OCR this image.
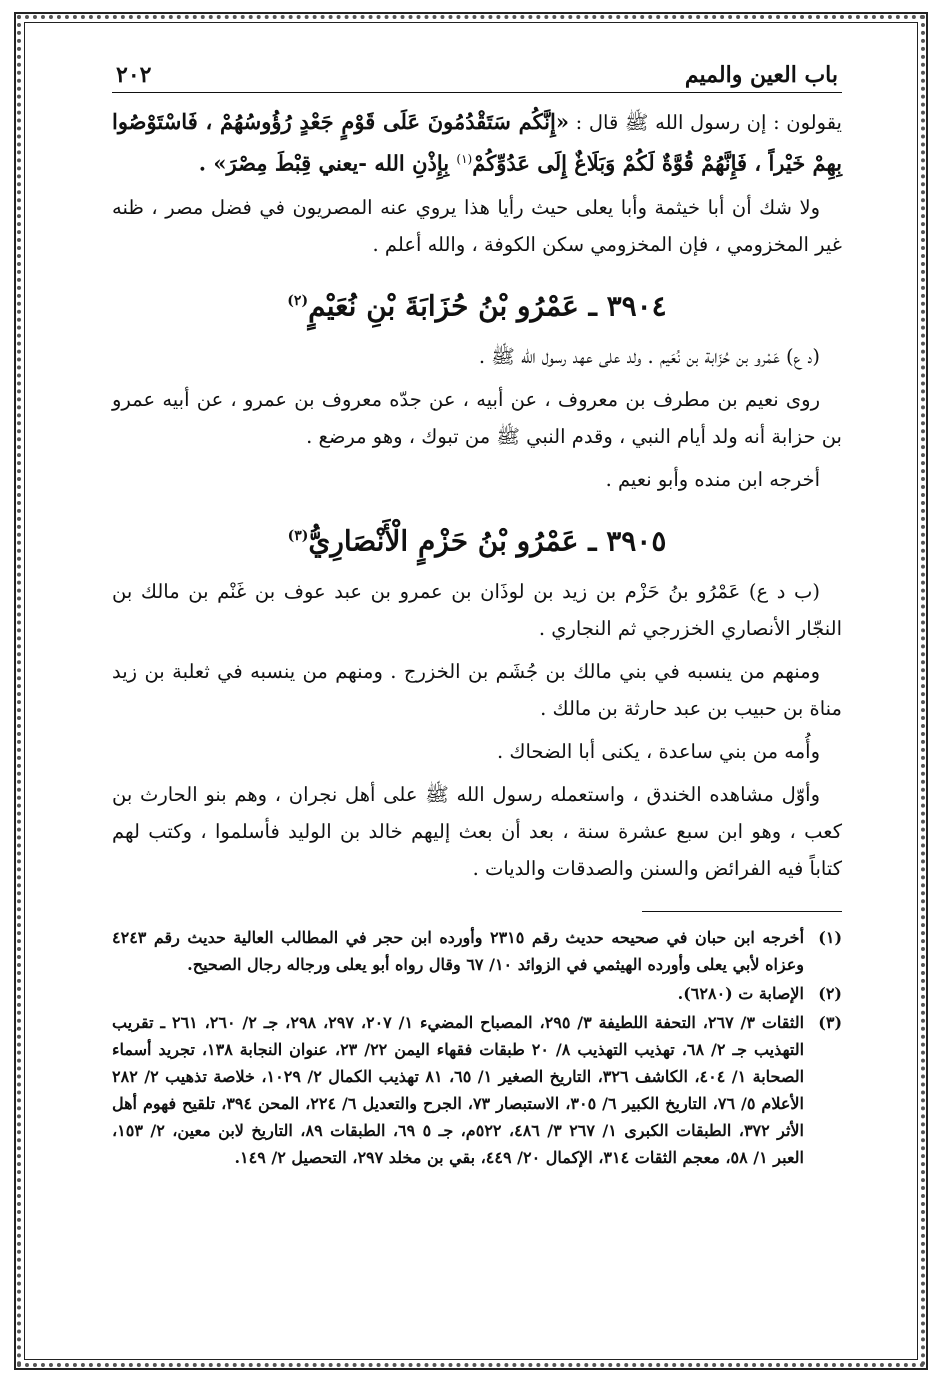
باب العين والميم
٢٠٢

يقولون : إن رسول الله ﷺ قال : «إِنَّكُم سَتَقْدُمُونَ عَلَى قَوْمٍ جَعْدٍ رُؤُوسُهُمْ ، فَاسْتَوْصُوا بِهِمْ خَيْراً ، فَإِنَّهُمْ قُوَّةٌ لَكُمْ وَبَلَاغٌ إِلَى عَدُوِّكُمْ$^{(١)}$ بِإِذْنِ الله -يعني قِبْطَ مِصْرَ» .

ولا شك أن أبا خيثمة وأبا يعلى حيث رأيا هذا يروي عنه المصريون في فضل مصر ، ظنه غير المخزومي ، فإن المخزومي سكن الكوفة ، والله أعلم .

٣٩٠٤ ـ عَمْرُو بْنُ حُزَابَةَ بْنِ نُعَيْمٍ$^{(٢)}$

(د ع) عَمْرو بن حُزَابة بن نُعَيم . ولد على عهد رسول الله ﷺ .

روى نعيم بن مطرف بن معروف ، عن أبيه ، عن جدّه معروف بن عمرو ، عن أبيه عمرو بن حزابة أنه ولد أيام النبي ، وقدم النبي ﷺ من تبوك ، وهو مرضع .

أخرجه ابن منده وأبو نعيم .

٣٩٠٥ ـ عَمْرُو بْنُ حَزْمٍ الْأَنْصَارِيُّ$^{(٣)}$

(ب د ع) عَمْرُو بنُ حَزْم بن زيد بن لوذَان بن عمرو بن عبد عوف بن غَنْم بن مالك بن النجّار الأنصاري الخزرجي ثم النجاري .

ومنهم من ينسبه في بني مالك بن جُشَم بن الخزرج . ومنهم من ينسبه في ثعلبة بن زيد مناة بن حبيب بن عبد حارثة بن مالك .

وأُمه من بني ساعدة ، يكنى أبا الضحاك .

وأوّل مشاهده الخندق ، واستعمله رسول الله ﷺ على أهل نجران ، وهم بنو الحارث بن كعب ، وهو ابن سبع عشرة سنة ، بعد أن بعث إليهم خالد بن الوليد فأسلموا ، وكتب لهم كتاباً فيه الفرائض والسنن والصدقات والديات .

(١)أخرجه ابن حبان في صحيحه حديث رقم ٢٣١٥ وأورده ابن حجر في المطالب العالية حديث رقم ٤٢٤٣ وعزاه لأبي يعلى وأورده الهيثمي في الزوائد ١٠/ ٦٧ وقال رواه أبو يعلى ورجاله رجال الصحيح.
(٢)الإصابة ت (٦٢٨٠).
(٣)الثقات ٣/ ٢٦٧، التحفة اللطيفة ٣/ ٢٩٥، المصباح المضيء ١/ ٢٠٧، ٢٩٧، ٢٩٨، جـ ٢/ ٢٦٠، ٢٦١ ـ تقريب التهذيب جـ ٢/ ٦٨، تهذيب التهذيب ٨/ ٢٠ طبقات فقهاء اليمن ٢٢/ ٢٣، عنوان النجابة ١٣٨، تجريد أسماء الصحابة ١/ ٤٠٤، الكاشف ٣٢٦، التاريخ الصغير ١/ ٦٥، ٨١ تهذيب الكمال ٢/ ١٠٢٩، خلاصة تذهيب ٢/ ٢٨٢ الأعلام ٥/ ٧٦، التاريخ الكبير ٦/ ٣٠٥، الاستبصار ٧٣، الجرح والتعديل ٦/ ٢٢٤، المحن ٣٩٤، تلقيح فهوم أهل الأثر ٣٧٢، الطبقات الكبرى ١/ ٢٦٧ ٣/ ٤٨٦، ٥٢٢م، جـ ٥ ٦٩، الطبقات ٨٩، التاريخ لابن معين، ٢/ ١٥٣، العبر ١/ ٥٨، معجم الثقات ٣١٤، الإكمال ٢٠/ ٤٤٩، بقي بن مخلد ٢٩٧، التحصيل ٢/ ١٤٩.
